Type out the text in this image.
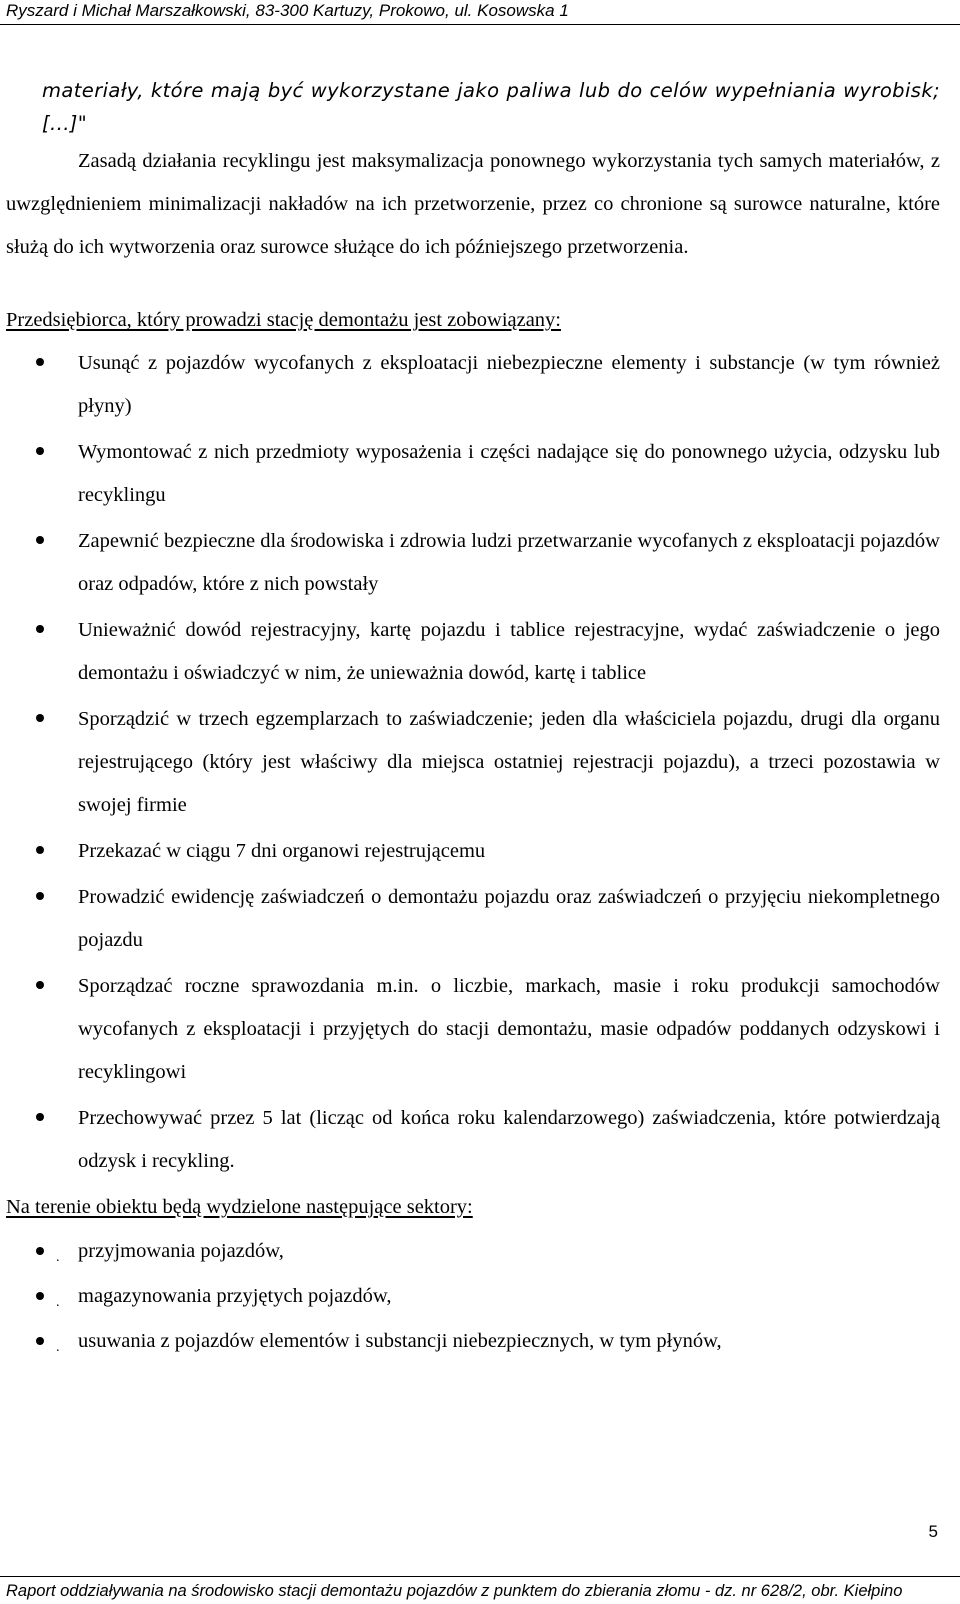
Ryszard i Michał Marszałkowski, 83-300 Kartuzy, Prokowo, ul. Kosowska 1

materiały, które mają być wykorzystane jako paliwa lub do celów wypełniania wyrobisk;[...]"

Zasadą działania recyklingu jest maksymalizacja ponownego wykorzystania tych samych materiałów, z uwzględnieniem minimalizacji nakładów na ich przetworzenie, przez co chronione są surowce naturalne, które służą do ich wytworzenia oraz surowce służące do ich późniejszego przetworzenia.

Przedsiębiorca, który prowadzi stację demontażu jest zobowiązany:

Usunąć z pojazdów wycofanych z eksploatacji niebezpieczne elementy i substancje (w tym również płyny)
Wymontować z nich przedmioty wyposażenia i części nadające się do ponownego użycia, odzysku lub recyklingu
Zapewnić bezpieczne dla środowiska i zdrowia ludzi przetwarzanie wycofanych z eksploatacji pojazdów oraz odpadów, które z nich powstały
Unieważnić dowód rejestracyjny, kartę pojazdu i tablice rejestracyjne, wydać zaświadczenie o jego demontażu i oświadczyć w nim, że unieważnia dowód, kartę i tablice
Sporządzić w trzech egzemplarzach to zaświadczenie; jeden dla właściciela pojazdu, drugi dla organu rejestrującego (który jest właściwy dla miejsca ostatniej rejestracji pojazdu), a trzeci pozostawia w swojej firmie
Przekazać w ciągu 7 dni organowi rejestrującemu
Prowadzić ewidencję zaświadczeń o demontażu pojazdu oraz zaświadczeń o przyjęciu niekompletnego pojazdu
Sporządzać roczne sprawozdania m.in. o liczbie, markach, masie i roku produkcji samochodów wycofanych z eksploatacji i przyjętych do stacji demontażu, masie odpadów poddanych odzyskowi i recyklingowi
Przechowywać przez 5 lat (licząc od końca roku kalendarzowego) zaświadczenia, które potwierdzają odzysk i recykling.

Na terenie obiektu będą wydzielone następujące sektory:

. przyjmowania pojazdów,
. magazynowania przyjętych pojazdów,
. usuwania z pojazdów elementów i substancji niebezpiecznych, w tym płynów,
5
Raport oddziaływania na środowisko stacji demontażu pojazdów z punktem do zbierania złomu - dz. nr 628/2, obr. Kiełpino
